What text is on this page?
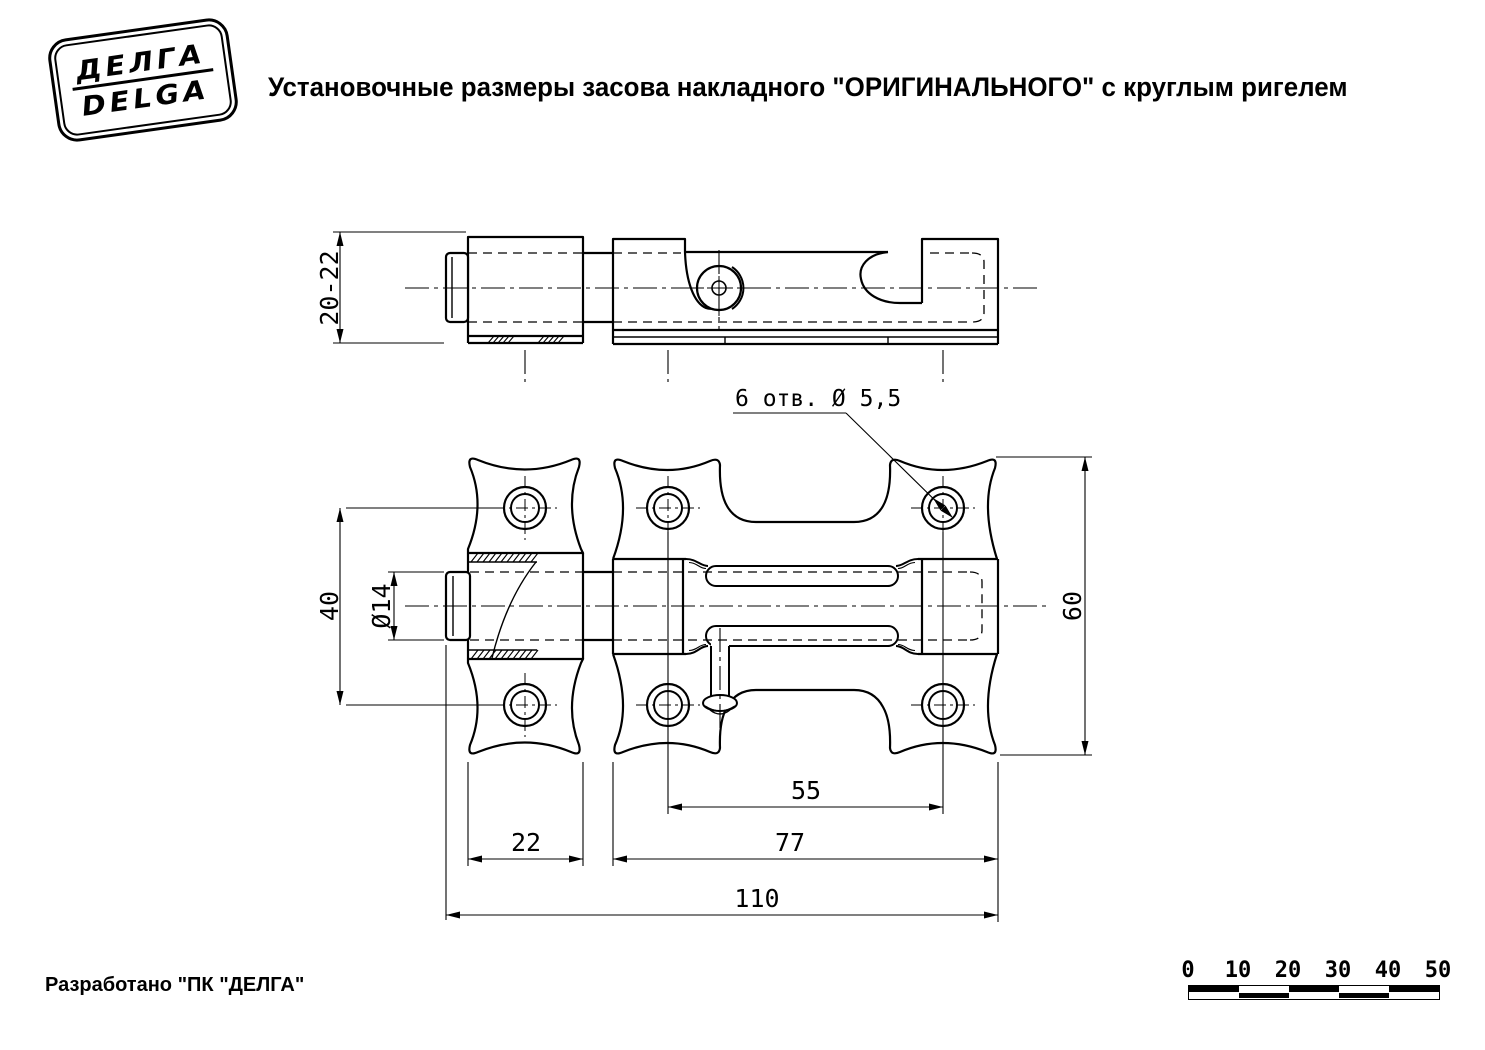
ДЕЛГА
DELGA Установочные размеры засова накладного "ОРИГИНАЛЬНОГО" с круглым ригелем
20-22
40 Ø14	60
55
22	77
110
6 отв. Ø 5,5
Разработано "ПК "ДЕЛГА"
0	10	20	30	40	50
